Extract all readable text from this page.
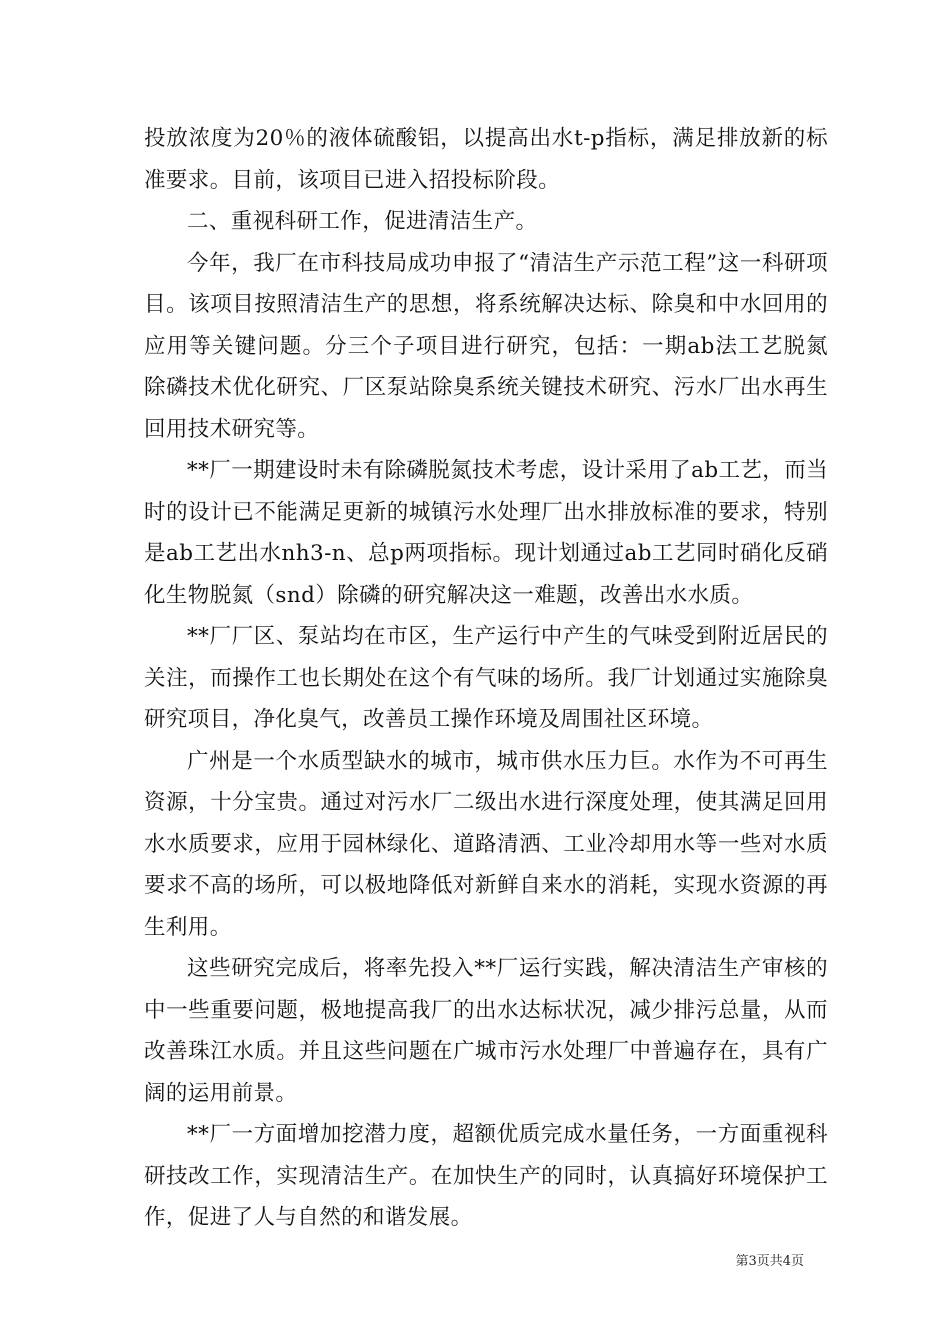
投放浓度为20％的液体硫酸铝，以提高出水t-p指标，满足排放新的标准要求。目前，该项目已进入招投标阶段。

二、重视科研工作，促进清洁生产。

今年，我厂在市科技局成功申报了“清洁生产示范工程”这一科研项目。该项目按照清洁生产的思想，将系统解决达标、除臭和中水回用的应用等关键问题。分三个子项目进行研究，包括：一期ab法工艺脱氮除磷技术优化研究、厂区泵站除臭系统关键技术研究、污水厂出水再生回用技术研究等。

**厂一期建设时未有除磷脱氮技术考虑，设计采用了ab工艺，而当时的设计已不能满足更新的城镇污水处理厂出水排放标准的要求，特别是ab工艺出水nh3-n、总p两项指标。现计划通过ab工艺同时硝化反硝化生物脱氮（snd）除磷的研究解决这一难题，改善出水水质。

**厂厂区、泵站均在市区，生产运行中产生的气味受到附近居民的关注，而操作工也长期处在这个有气味的场所。我厂计划通过实施除臭研究项目，净化臭气，改善员工操作环境及周围社区环境。

广州是一个水质型缺水的城市，城市供水压力巨。水作为不可再生资源，十分宝贵。通过对污水厂二级出水进行深度处理，使其满足回用水水质要求，应用于园林绿化、道路清洒、工业冷却用水等一些对水质要求不高的场所，可以极地降低对新鲜自来水的消耗，实现水资源的再生利用。

这些研究完成后，将率先投入**厂运行实践，解决清洁生产审核的中一些重要问题，极地提高我厂的出水达标状况，减少排污总量，从而改善珠江水质。并且这些问题在广城市污水处理厂中普遍存在，具有广阔的运用前景。

**厂一方面增加挖潜力度，超额优质完成水量任务，一方面重视科研技改工作，实现清洁生产。在加快生产的同时，认真搞好环境保护工作，促进了人与自然的和谐发展。

第3页共4页
